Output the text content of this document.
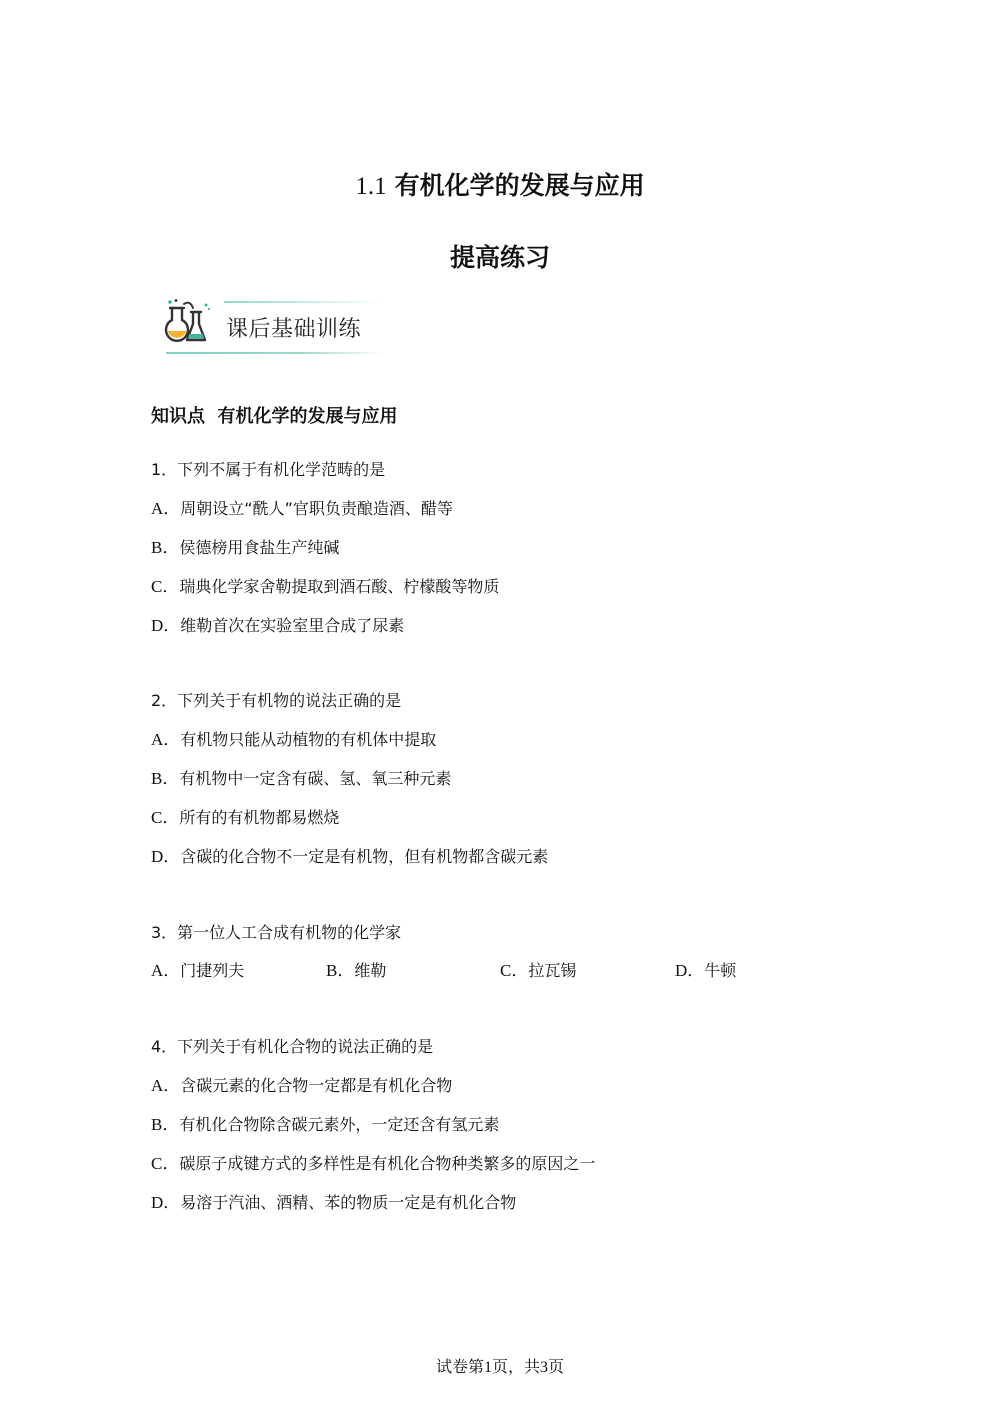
1.1 有机化学的发展与应用
提高练习
课后基础训练
知识点  有机化学的发展与应用
1．下列不属于有机化学范畴的是
A．周朝设立“酰人”官职负责酿造酒、醋等
B．侯德榜用食盐生产纯碱
C．瑞典化学家舍勒提取到酒石酸、柠檬酸等物质
D．维勒首次在实验室里合成了尿素
2．下列关于有机物的说法正确的是
A．有机物只能从动植物的有机体中提取
B．有机物中一定含有碳、氢、氧三种元素
C．所有的有机物都易燃烧
D．含碳的化合物不一定是有机物，但有机物都含碳元素
3．第一位人工合成有机物的化学家
A．门捷列夫	B．维勒	C．拉瓦锡	D．牛顿
4．下列关于有机化合物的说法正确的是
A．含碳元素的化合物一定都是有机化合物
B．有机化合物除含碳元素外，一定还含有氢元素
C．碳原子成键方式的多样性是有机化合物种类繁多的原因之一
D．易溶于汽油、酒精、苯的物质一定是有机化合物
试卷第1页，共3页
